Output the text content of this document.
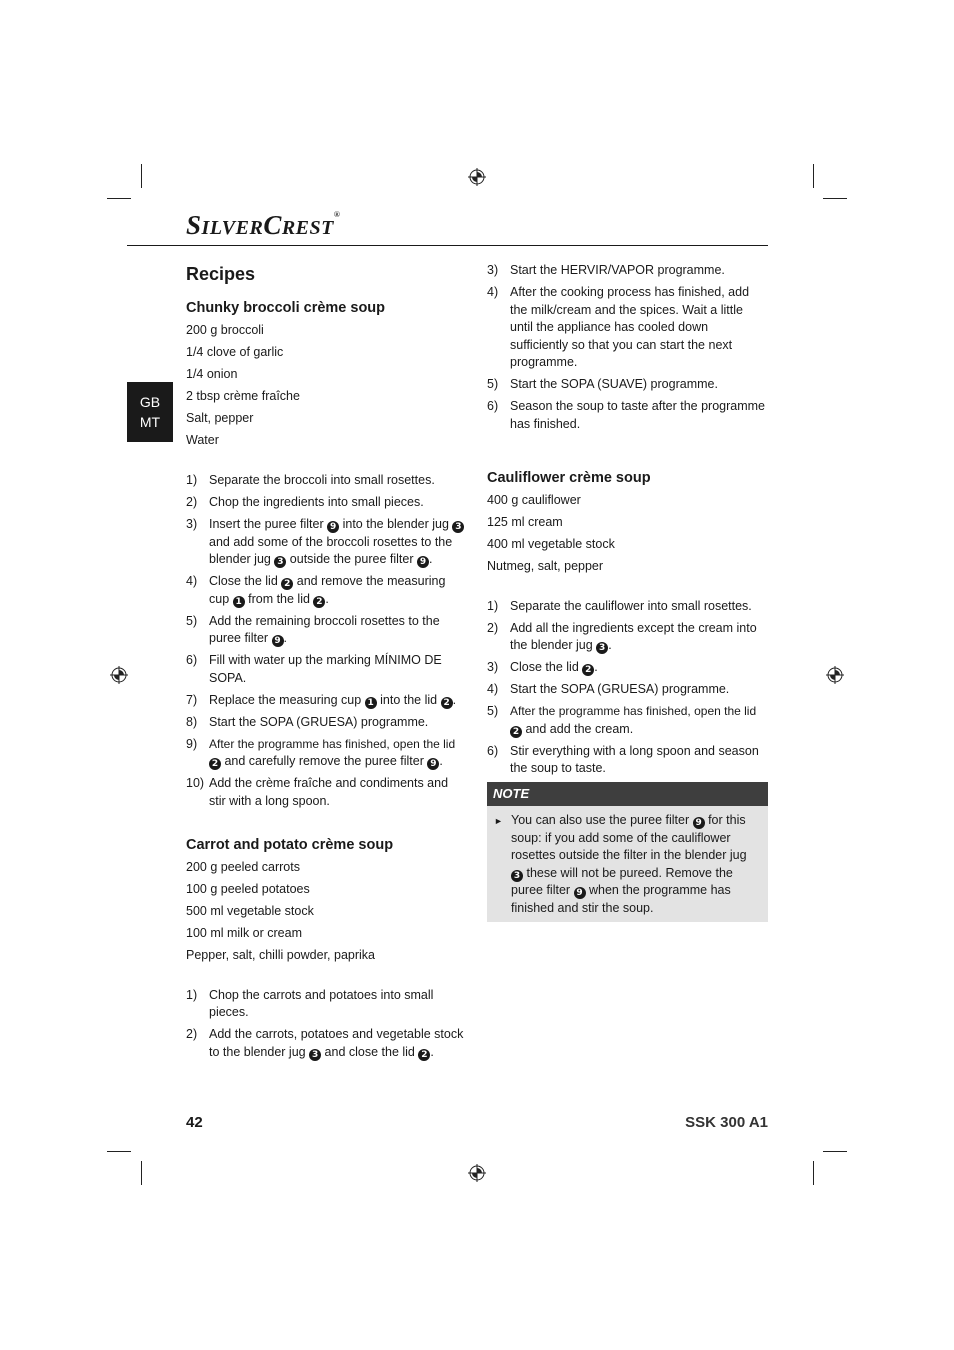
SILVERCREST®
GB
MT
Recipes
Chunky broccoli crème soup
200 g broccoli
1/4 clove of garlic
1/4 onion
2 tbsp crème fraîche
Salt, pepper
Water
1) Separate the broccoli into small rosettes.
2) Chop the ingredients into small pieces.
3) Insert the puree filter 9 into the blender jug 3 and add some of the broccoli rosettes to the blender jug 3 outside the puree filter 9 .
4) Close the lid 2 and remove the measuring cup 1 from the lid 2 .
5) Add the remaining broccoli rosettes to the puree filter 9 .
6) Fill with water up the marking MÍNIMO DE SOPA.
7) Replace the measuring cup 1 into the lid 2 .
8) Start the SOPA (GRUESA) programme.
9) After the programme has finished, open the lid 2 and carefully remove the puree filter 9 .
10) Add the crème fraîche and condiments and stir with a long spoon.
Carrot and potato crème soup
200 g peeled carrots
100 g peeled potatoes
500 ml vegetable stock
100 ml milk or cream
Pepper, salt, chilli powder, paprika
1) Chop the carrots and potatoes into small pieces.
2) Add the carrots, potatoes and vegetable stock to the blender jug 3 and close the lid 2 .
3) Start the HERVIR/VAPOR programme.
4) After the cooking process has finished, add the milk/cream and the spices. Wait a little until the appliance has cooled down sufficiently so that you can start the next programme.
5) Start the SOPA (SUAVE) programme.
6) Season the soup to taste after the programme has finished.
Cauliflower crème soup
400 g cauliflower
125 ml cream
400 ml vegetable stock
Nutmeg, salt, pepper
1) Separate the cauliflower into small rosettes.
2) Add all the ingredients except the cream into the blender jug 3 .
3) Close the lid 2 .
4) Start the SOPA (GRUESA) programme.
5) After the programme has finished, open the lid 2 and add the cream.
6) Stir everything with a long spoon and season the soup to taste.
NOTE
► You can also use the puree filter 9 for this soup: if you add some of the cauliflower rosettes outside the filter in the blender jug 3 these will not be pureed. Remove the puree filter 9 when the programme has finished and stir the soup.
42	SSK 300 A1
